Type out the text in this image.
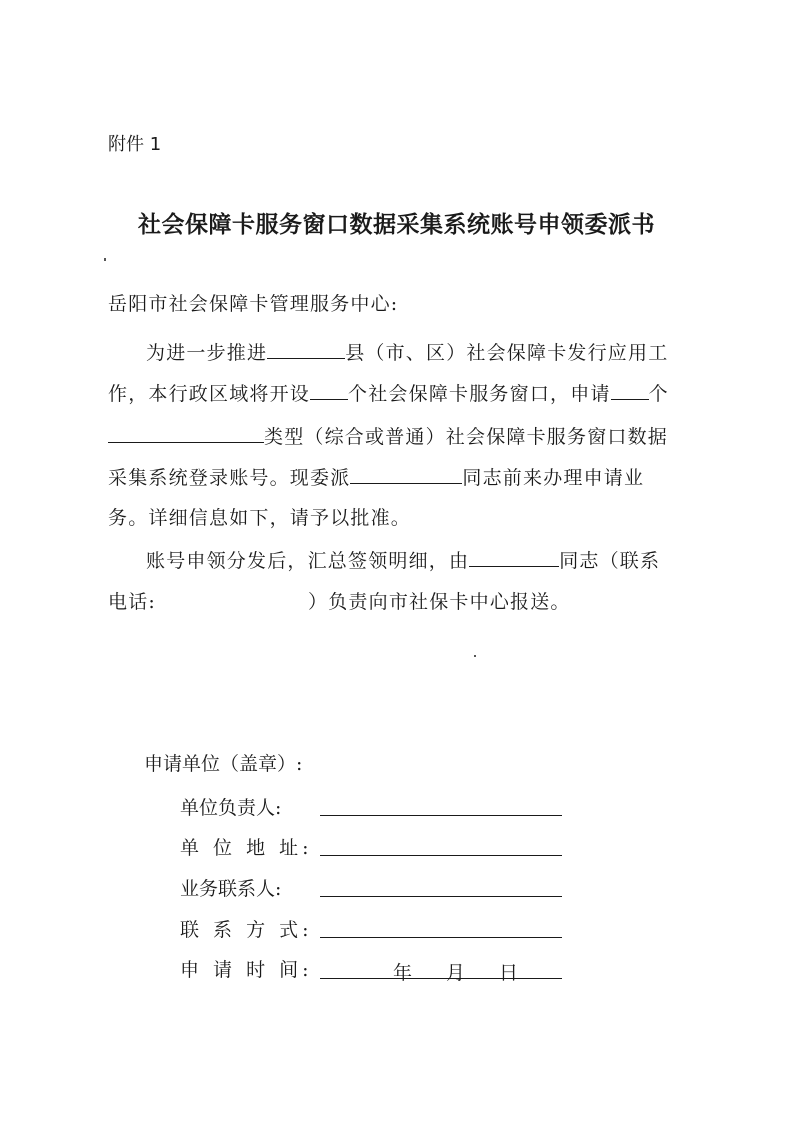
附件 1
社会保障卡服务窗口数据采集系统账号申领委派书
岳阳市社会保障卡管理服务中心:
为进一步推进	县（市、区）社会保障卡发行应用工
作，本行政区域将开设 个社会保障卡服务窗口，申请 个
类型（综合或普通）社会保障卡服务窗口数据
采集系统登录账号。现委派	同志前来办理申请业
务。详细信息如下，请予以批准。
账号申领分发后，汇总签领明细，由	同志（联系
电话:	）负责向市社保卡中心报送。
申请单位（盖章）:
单位负责人:
单 位 地 址:
业务联系人:
联 系 方 式:
申 请 时 间:	年 月 日
